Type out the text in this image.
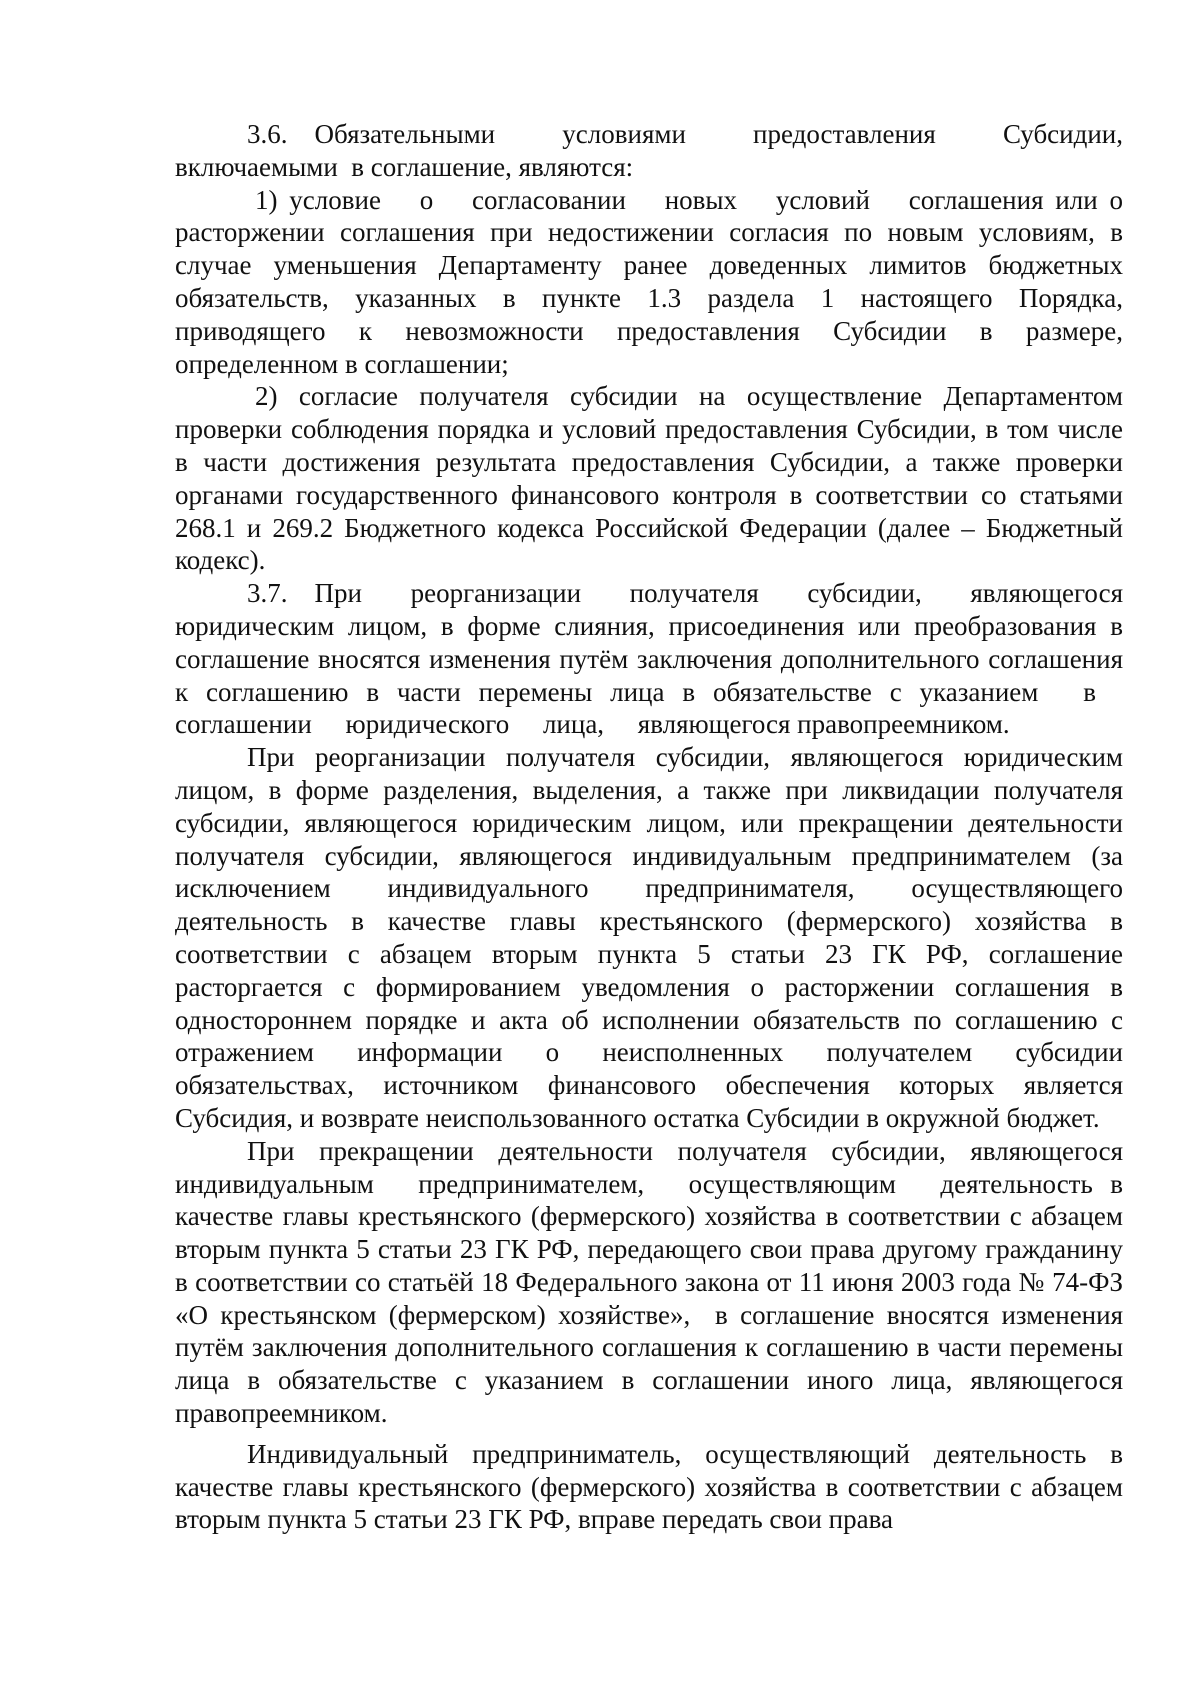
3.6. Обязательными  условиями  предоставления  Субсидии, включаемыми  в соглашение, являются:

1) условие  о  согласовании  новых  условий  соглашения или о расторжении соглашения при недостижении согласия по новым условиям, в случае уменьшения Департаменту ранее доведенных лимитов бюджетных обязательств, указанных в пункте 1.3 раздела 1 настоящего Порядка, приводящего к невозможности предоставления Субсидии в размере, определенном в соглашении;

2) согласие получателя субсидии на осуществление Департаментом проверки соблюдения порядка и условий предоставления Субсидии, в том числе в части достижения результата предоставления Субсидии, а также проверки органами государственного финансового контроля в соответствии со статьями 268.1 и 269.2 Бюджетного кодекса Российской Федерации (далее – Бюджетный кодекс).

3.7. При  реорганизации  получателя  субсидии,  являющегося юридическим лицом, в форме слияния, присоединения или преобразования в соглашение вносятся изменения путём заключения дополнительного соглашения к соглашению в части перемены лица в обязательстве с указанием  в  соглашении  юридического  лица,  являющегося правопреемником.

При реорганизации получателя субсидии, являющегося юридическим лицом, в форме разделения, выделения, а также при ликвидации получателя субсидии, являющегося юридическим лицом, или прекращении деятельности получателя субсидии, являющегося индивидуальным предпринимателем (за исключением индивидуального предпринимателя, осуществляющего деятельность в качестве главы крестьянского (фермерского) хозяйства в соответствии с абзацем вторым пункта 5 статьи 23 ГК РФ, соглашение расторгается с формированием уведомления о расторжении соглашения в одностороннем порядке и акта об исполнении обязательств по соглашению с отражением информации о неисполненных получателем субсидии обязательствах, источником финансового обеспечения которых является Субсидия, и возврате неиспользованного остатка Субсидии в окружной бюджет.

При прекращении деятельности получателя субсидии, являющегося индивидуальным  предпринимателем,  осуществляющим  деятельность в качестве главы крестьянского (фермерского) хозяйства в соответствии с абзацем вторым пункта 5 статьи 23 ГК РФ, передающего свои права другому гражданину в соответствии со статьёй 18 Федерального закона от 11 июня 2003 года № 74-ФЗ «О крестьянском (фермерском) хозяйстве»,  в соглашение вносятся изменения путём заключения дополнительного соглашения к соглашению в части перемены лица в обязательстве с указанием в соглашении иного лица, являющегося правопреемником.

Индивидуальный предприниматель, осуществляющий деятельность в качестве главы крестьянского (фермерского) хозяйства в соответствии с абзацем вторым пункта 5 статьи 23 ГК РФ, вправе передать свои права
